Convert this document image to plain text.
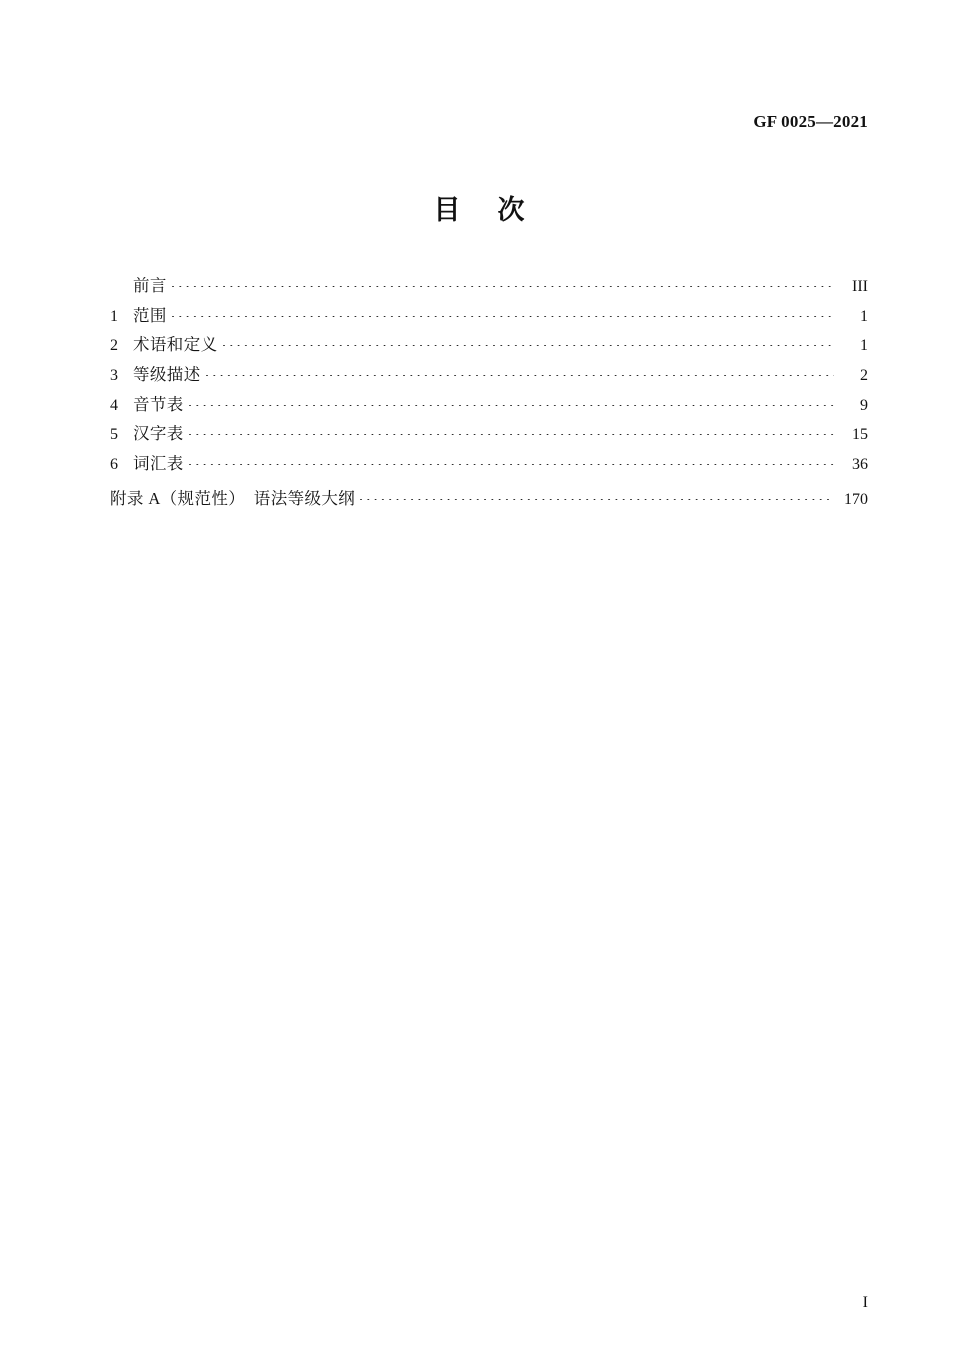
GF 0025—2021
目    次
前言	III
1 范围	1
2 术语和定义	1
3 等级描述	2
4 音节表	9
5 汉字表	15
6 词汇表	36
附录 A（规范性）　语法等级大纲	170
I
